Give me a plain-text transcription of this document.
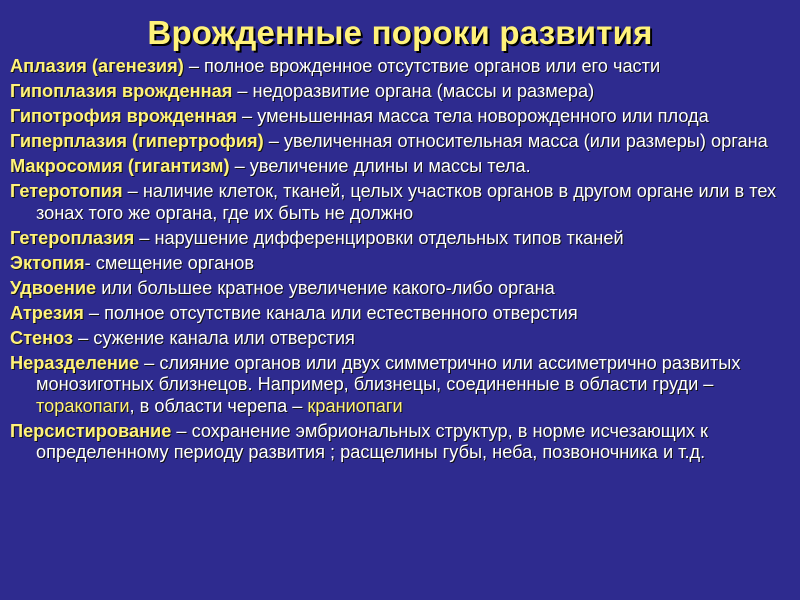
Врожденные пороки развития
Аплазия (агенезия) – полное врожденное отсутствие органов или его части
Гипоплазия врожденная – недоразвитие органа (массы и размера)
Гипотрофия врожденная – уменьшенная масса тела новорожденного или плода
Гиперплазия (гипертрофия) – увеличенная относительная масса (или размеры) органа
Макросомия (гигантизм) – увеличение длины и массы тела.
Гетеротопия – наличие клеток, тканей, целых участков органов в другом органе или в тех зонах того же органа, где их быть не должно
Гетероплазия – нарушение дифференцировки отдельных типов тканей
Эктопия- смещение органов
Удвоение или большее кратное увеличение какого-либо органа
Атрезия – полное отсутствие канала или естественного отверстия
Стеноз – сужение канала или отверстия
Неразделение – слияние органов или двух симметрично или ассиметрично развитых монозиготных близнецов. Например, близнецы, соединенные в области груди – торакопаги, в области черепа – краниопаги
Персистирование – сохранение эмбриональных структур, в норме исчезающих к определенному периоду развития ; расщелины губы, неба, позвоночника и т.д.
